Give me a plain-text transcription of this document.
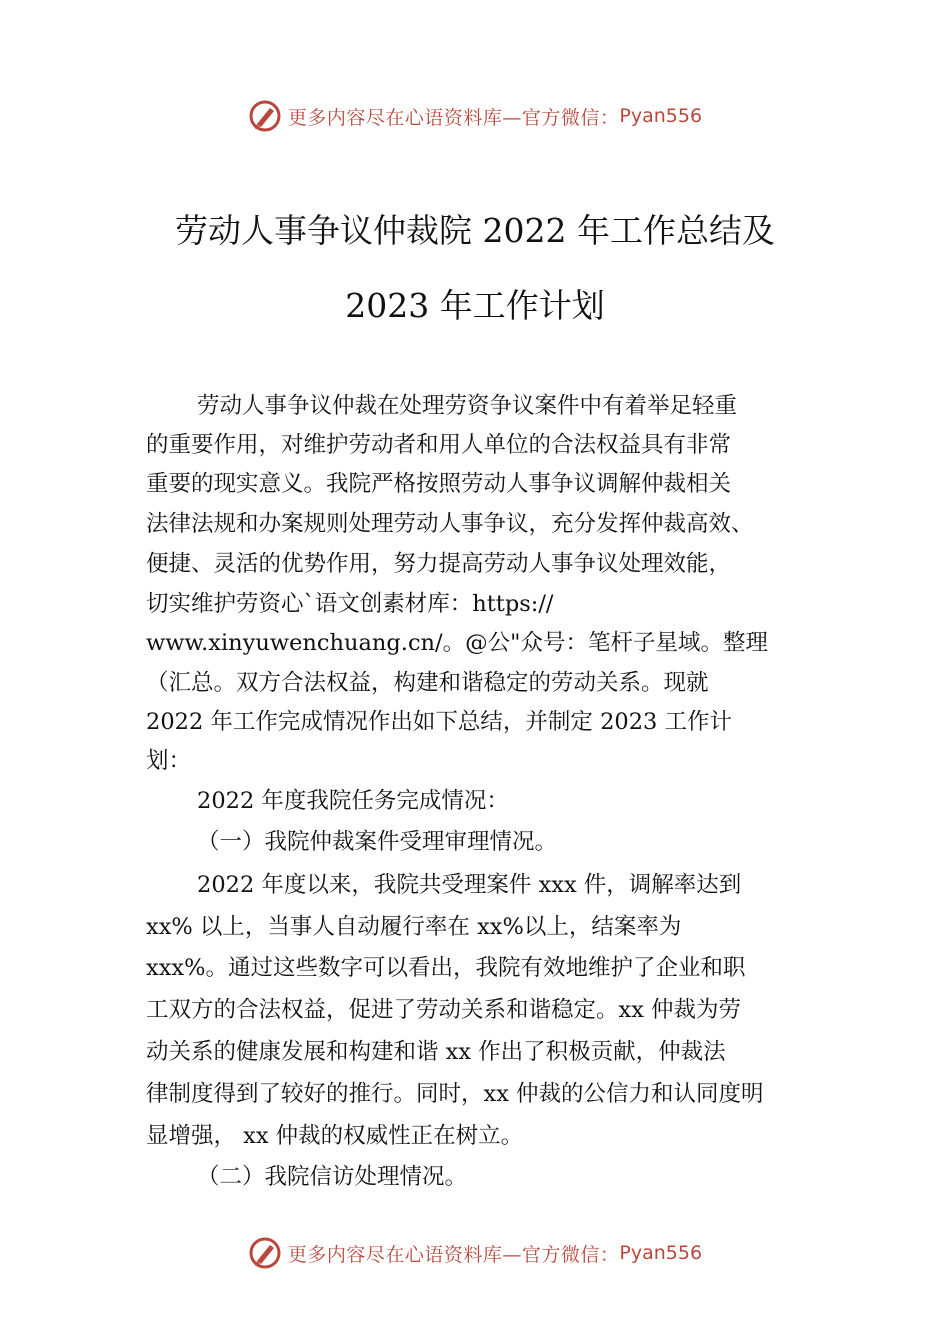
更多内容尽在心语资料库—官方微信： Pyan556
劳动人事争议仲裁院 2022 年工作总结及
2023 年工作计划
劳动人事争议仲裁在处理劳资争议案件中有着举足轻重
的重要作用，对维护劳动者和用人单位的合法权益具有非常
重要的现实意义。我院严格按照劳动人事争议调解仲裁相关
法律法规和办案规则处理劳动人事争议，充分发挥仲裁高效、
便捷、灵活的优势作用，努力提高劳动人事争议处理效能，
切实维护劳资心`语文创素材库：https://
www.xinyuwenchuang.cn/。@公"众号：笔杆子星域。整理
（汇总。双方合法权益，构建和谐稳定的劳动关系。现就
2022 年工作完成情况作出如下总结，并制定 2023 工作计
划：
2022 年度我院任务完成情况：
（一）我院仲裁案件受理审理情况。
2022 年度以来，我院共受理案件 xxx 件，调解率达到
xx% 以上，当事人自动履行率在 xx%以上，结案率为
xxx%。通过这些数字可以看出，我院有效地维护了企业和职
工双方的合法权益，促进了劳动关系和谐稳定。xx 仲裁为劳
动关系的健康发展和构建和谐 xx 作出了积极贡献，仲裁法
律制度得到了较好的推行。同时，xx 仲裁的公信力和认同度明
显增强， xx 仲裁的权威性正在树立。
（二）我院信访处理情况。
更多内容尽在心语资料库—官方微信： Pyan556
